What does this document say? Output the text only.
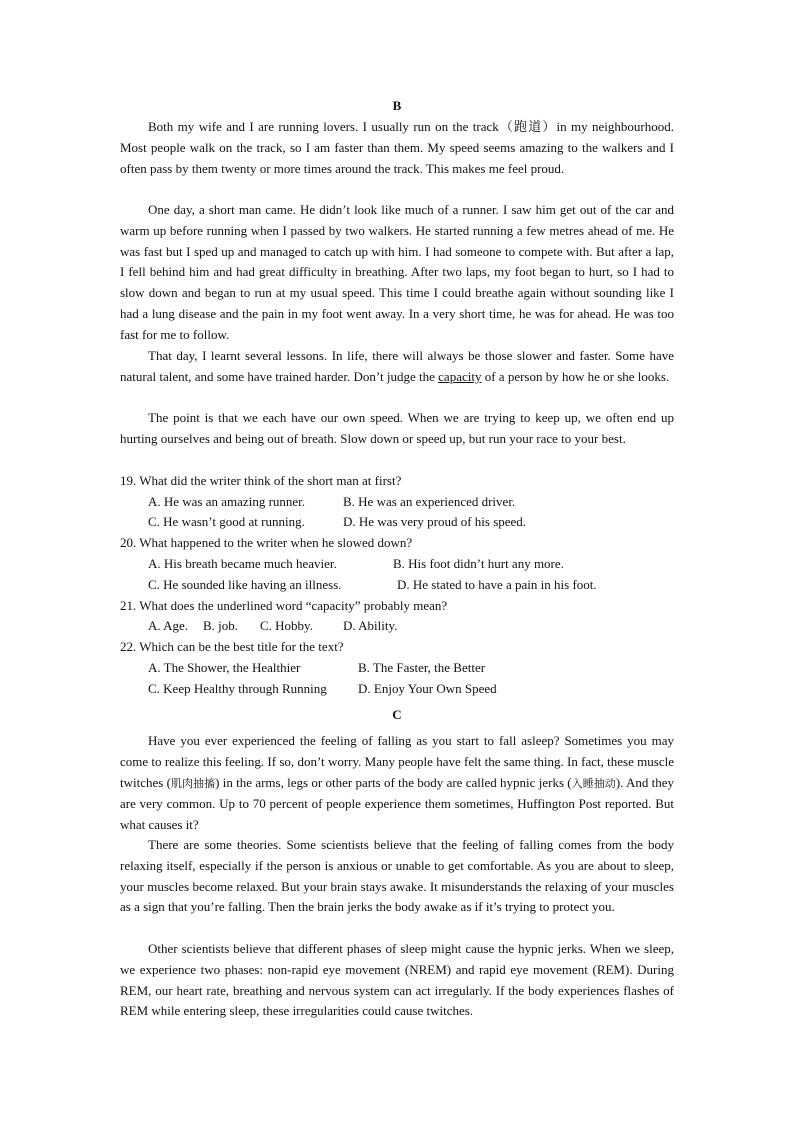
B

Both my wife and I are running lovers. I usually run on the track（跑道）in my neighbourhood. Most people walk on the track, so I am faster than them. My speed seems amazing to the walkers and I often pass by them twenty or more times around the track. This makes me feel proud.

One day, a short man came. He didn’t look like much of a runner. I saw him get out of the car and warm up before running when I passed by two walkers. He started running a few metres ahead of me. He was fast but I sped up and managed to catch up with him. I had someone to compete with. But after a lap, I fell behind him and had great difficulty in breathing. After two laps, my foot began to hurt, so I had to slow down and began to run at my usual speed. This time I could breathe again without sounding like I had a lung disease and the pain in my foot went away. In a very short time, he was for ahead. He was too fast for me to follow.

That day, I learnt several lessons. In life, there will always be those slower and faster. Some have natural talent, and some have trained harder. Don’t judge the capacity of a person by how he or she looks.

The point is that we each have our own speed. When we are trying to keep up, we often end up hurting ourselves and being out of breath. Slow down or speed up, but run your race to your best.

19. What did the writer think of the short man at first?
A. He was an amazing runner.	B. He was an experienced driver.
C. He wasn’t good at running.	D. He was very proud of his speed.
20. What happened to the writer when he slowed down?
A. His breath became much heavier.	B. His foot didn’t hurt any more.
C. He sounded like having an illness.	D. He stated to have a pain in his foot.
21. What does the underlined word “capacity” probably mean?
A. Age. B. job. C. Hobby. D. Ability.
22. Which can be the best title for the text?
A. The Shower, the Healthier	B. The Faster, the Better
C. Keep Healthy through Running D. Enjoy Your Own Speed
C

Have you ever experienced the feeling of falling as you start to fall asleep? Sometimes you may come to realize this feeling. If so, don’t worry. Many people have felt the same thing. In fact, these muscle twitches (肌肉抽搐) in the arms, legs or other parts of the body are called hypnic jerks (入睡抽动). And they are very common. Up to 70 percent of people experience them sometimes, Huffington Post reported. But what causes it?

There are some theories. Some scientists believe that the feeling of falling comes from the body relaxing itself, especially if the person is anxious or unable to get comfortable. As you are about to sleep, your muscles become relaxed. But your brain stays awake. It misunderstands the relaxing of your muscles as a sign that you’re falling. Then the brain jerks the body awake as if it’s trying to protect you.

Other scientists believe that different phases of sleep might cause the hypnic jerks. When we sleep, we experience two phases: non-rapid eye movement (NREM) and rapid eye movement (REM). During REM, our heart rate, breathing and nervous system can act irregularly. If the body experiences flashes of REM while entering sleep, these irregularities could cause twitches.
